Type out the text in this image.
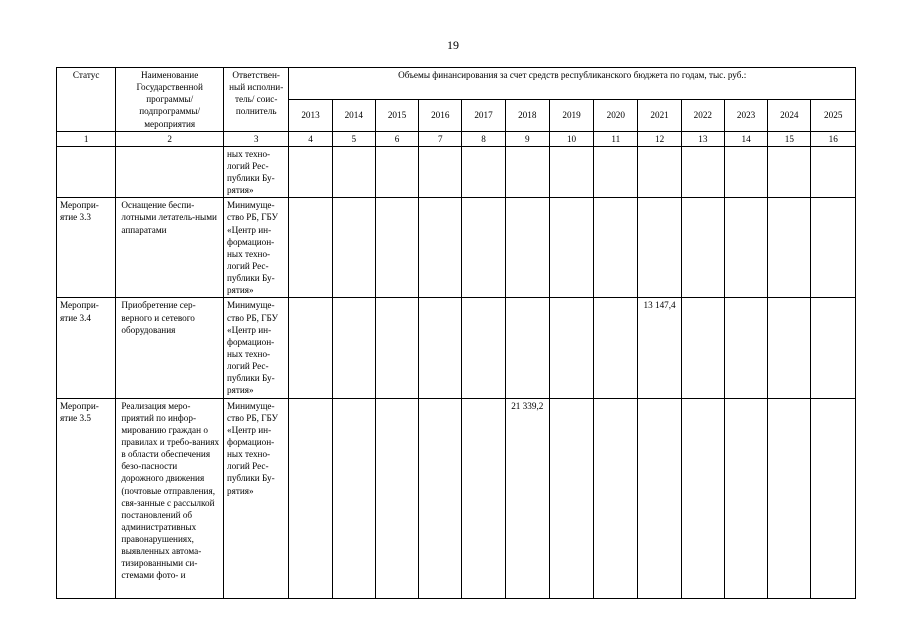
19
Статус	Наименование Государственной программы/ подпрограммы/ мероприятия	Ответствен-ный исполни-тель/ соис-полнитель	Объемы финансирования за счет средств республиканского бюджета по годам, тыс. руб.:												
			2013	2014	2015	2016	2017	2018	2019	2020	2021	2022	2023	2024	2025
1	2	3	4	5	6	7	8	9	10	11	12	13	14	15	16
		ных техно-логий Рес-публики Бу-рятия»													
Меропри-ятие 3.3	Оснащение беспи-лотными летатель-ными аппаратами	Минимуще-ство РБ, ГБУ «Центр ин-формацион-ных техно-логий Рес-публики Бу-рятия»													
Меропри-ятие 3.4	Приобретение сер-верного и сетевого оборудования	Минимуще-ство РБ, ГБУ «Центр ин-формацион-ных техно-логий Рес-публики Бу-рятия»									13 147,4				
Меропри-ятие 3.5	Реализация меро-приятий по инфор-мированию граждан о правилах и требо-ваниях в области обеспечения безо-пасности дорожного движения (почтовые отправления, свя-занные с рассылкой постановлений об административных правонарушениях, выявленных автома-тизированными си-стемами фото- и	Минимуще-ство РБ, ГБУ «Центр ин-формацион-ных техно-логий Рес-публики Бу-рятия»						21 339,2							
